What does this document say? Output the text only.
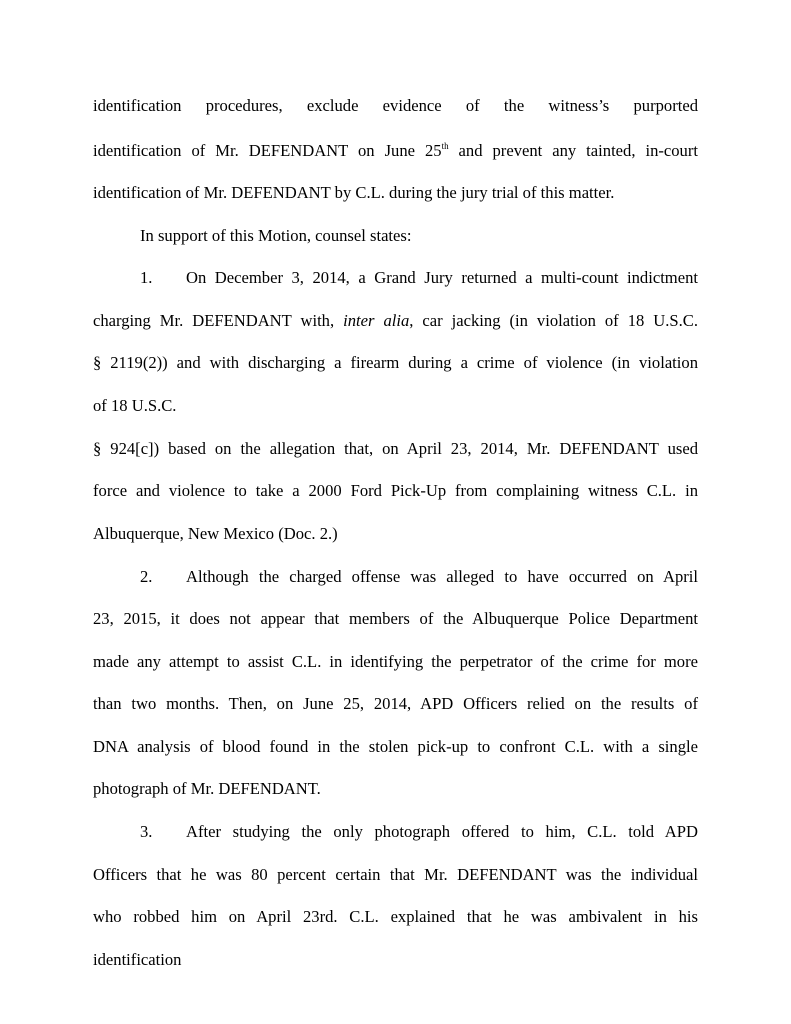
identification procedures, exclude evidence of the witness’s purported
identification of Mr. DEFENDANT on June 25th and prevent any tainted, in-court
identification of Mr. DEFENDANT by C.L. during the jury trial of this matter.
In support of this Motion, counsel states:
1. On December 3, 2014, a Grand Jury returned a multi-count indictment
charging Mr. DEFENDANT with, inter alia, car jacking (in violation of 18 U.S.C.
§ 2119(2)) and with discharging a firearm during a crime of violence (in violation
of 18 U.S.C.
§ 924[c]) based on the allegation that, on April 23, 2014, Mr. DEFENDANT used
force and violence to take a 2000 Ford Pick-Up from complaining witness C.L. in
Albuquerque, New Mexico (Doc. 2.)
2. Although the charged offense was alleged to have occurred on April
23, 2015, it does not appear that members of the Albuquerque Police Department
made any attempt to assist C.L. in identifying the perpetrator of the crime for more
than two months. Then, on June 25, 2014, APD Officers relied on the results of
DNA analysis of blood found in the stolen pick-up to confront C.L. with a single
photograph of Mr. DEFENDANT.
3. After studying the only photograph offered to him, C.L. told APD
Officers that he was 80 percent certain that Mr. DEFENDANT was the individual
who robbed him on April 23rd. C.L. explained that he was ambivalent in his
identification
